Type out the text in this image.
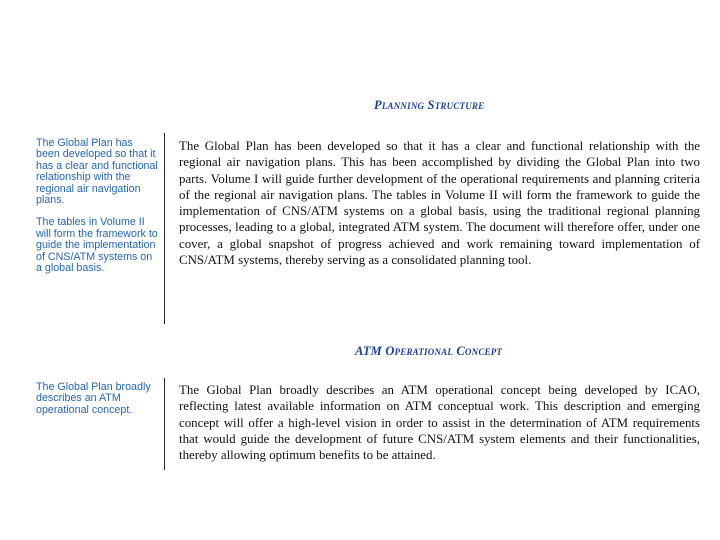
Planning Structure

The Global Plan has been developed so that it has a clear and functional relationship with the regional air navigation plans.

The tables in Volume II will form the framework to guide the implementation of CNS/ATM systems on a global basis.

The Global Plan has been developed so that it has a clear and functional relationship with the regional air navigation plans. This has been accomplished by dividing the Global Plan into two parts. Volume I will guide further development of the operational requirements and planning criteria of the regional air navigation plans. The tables in Volume II will form the framework to guide the implementation of CNS/ATM systems on a global basis, using the traditional regional planning processes, leading to a global, integrated ATM system. The document will therefore offer, under one cover, a global snapshot of progress achieved and work remaining toward implementation of CNS/ATM systems, thereby serving as a consolidated planning tool.

ATM Operational Concept

The Global Plan broadly describes an ATM operational concept.

The Global Plan broadly describes an ATM operational concept being developed by ICAO, reflecting latest available information on ATM conceptual work. This description and emerging concept will offer a high-level vision in order to assist in the determination of ATM requirements that would guide the development of future CNS/ATM system elements and their functionalities, thereby allowing optimum benefits to be attained.
